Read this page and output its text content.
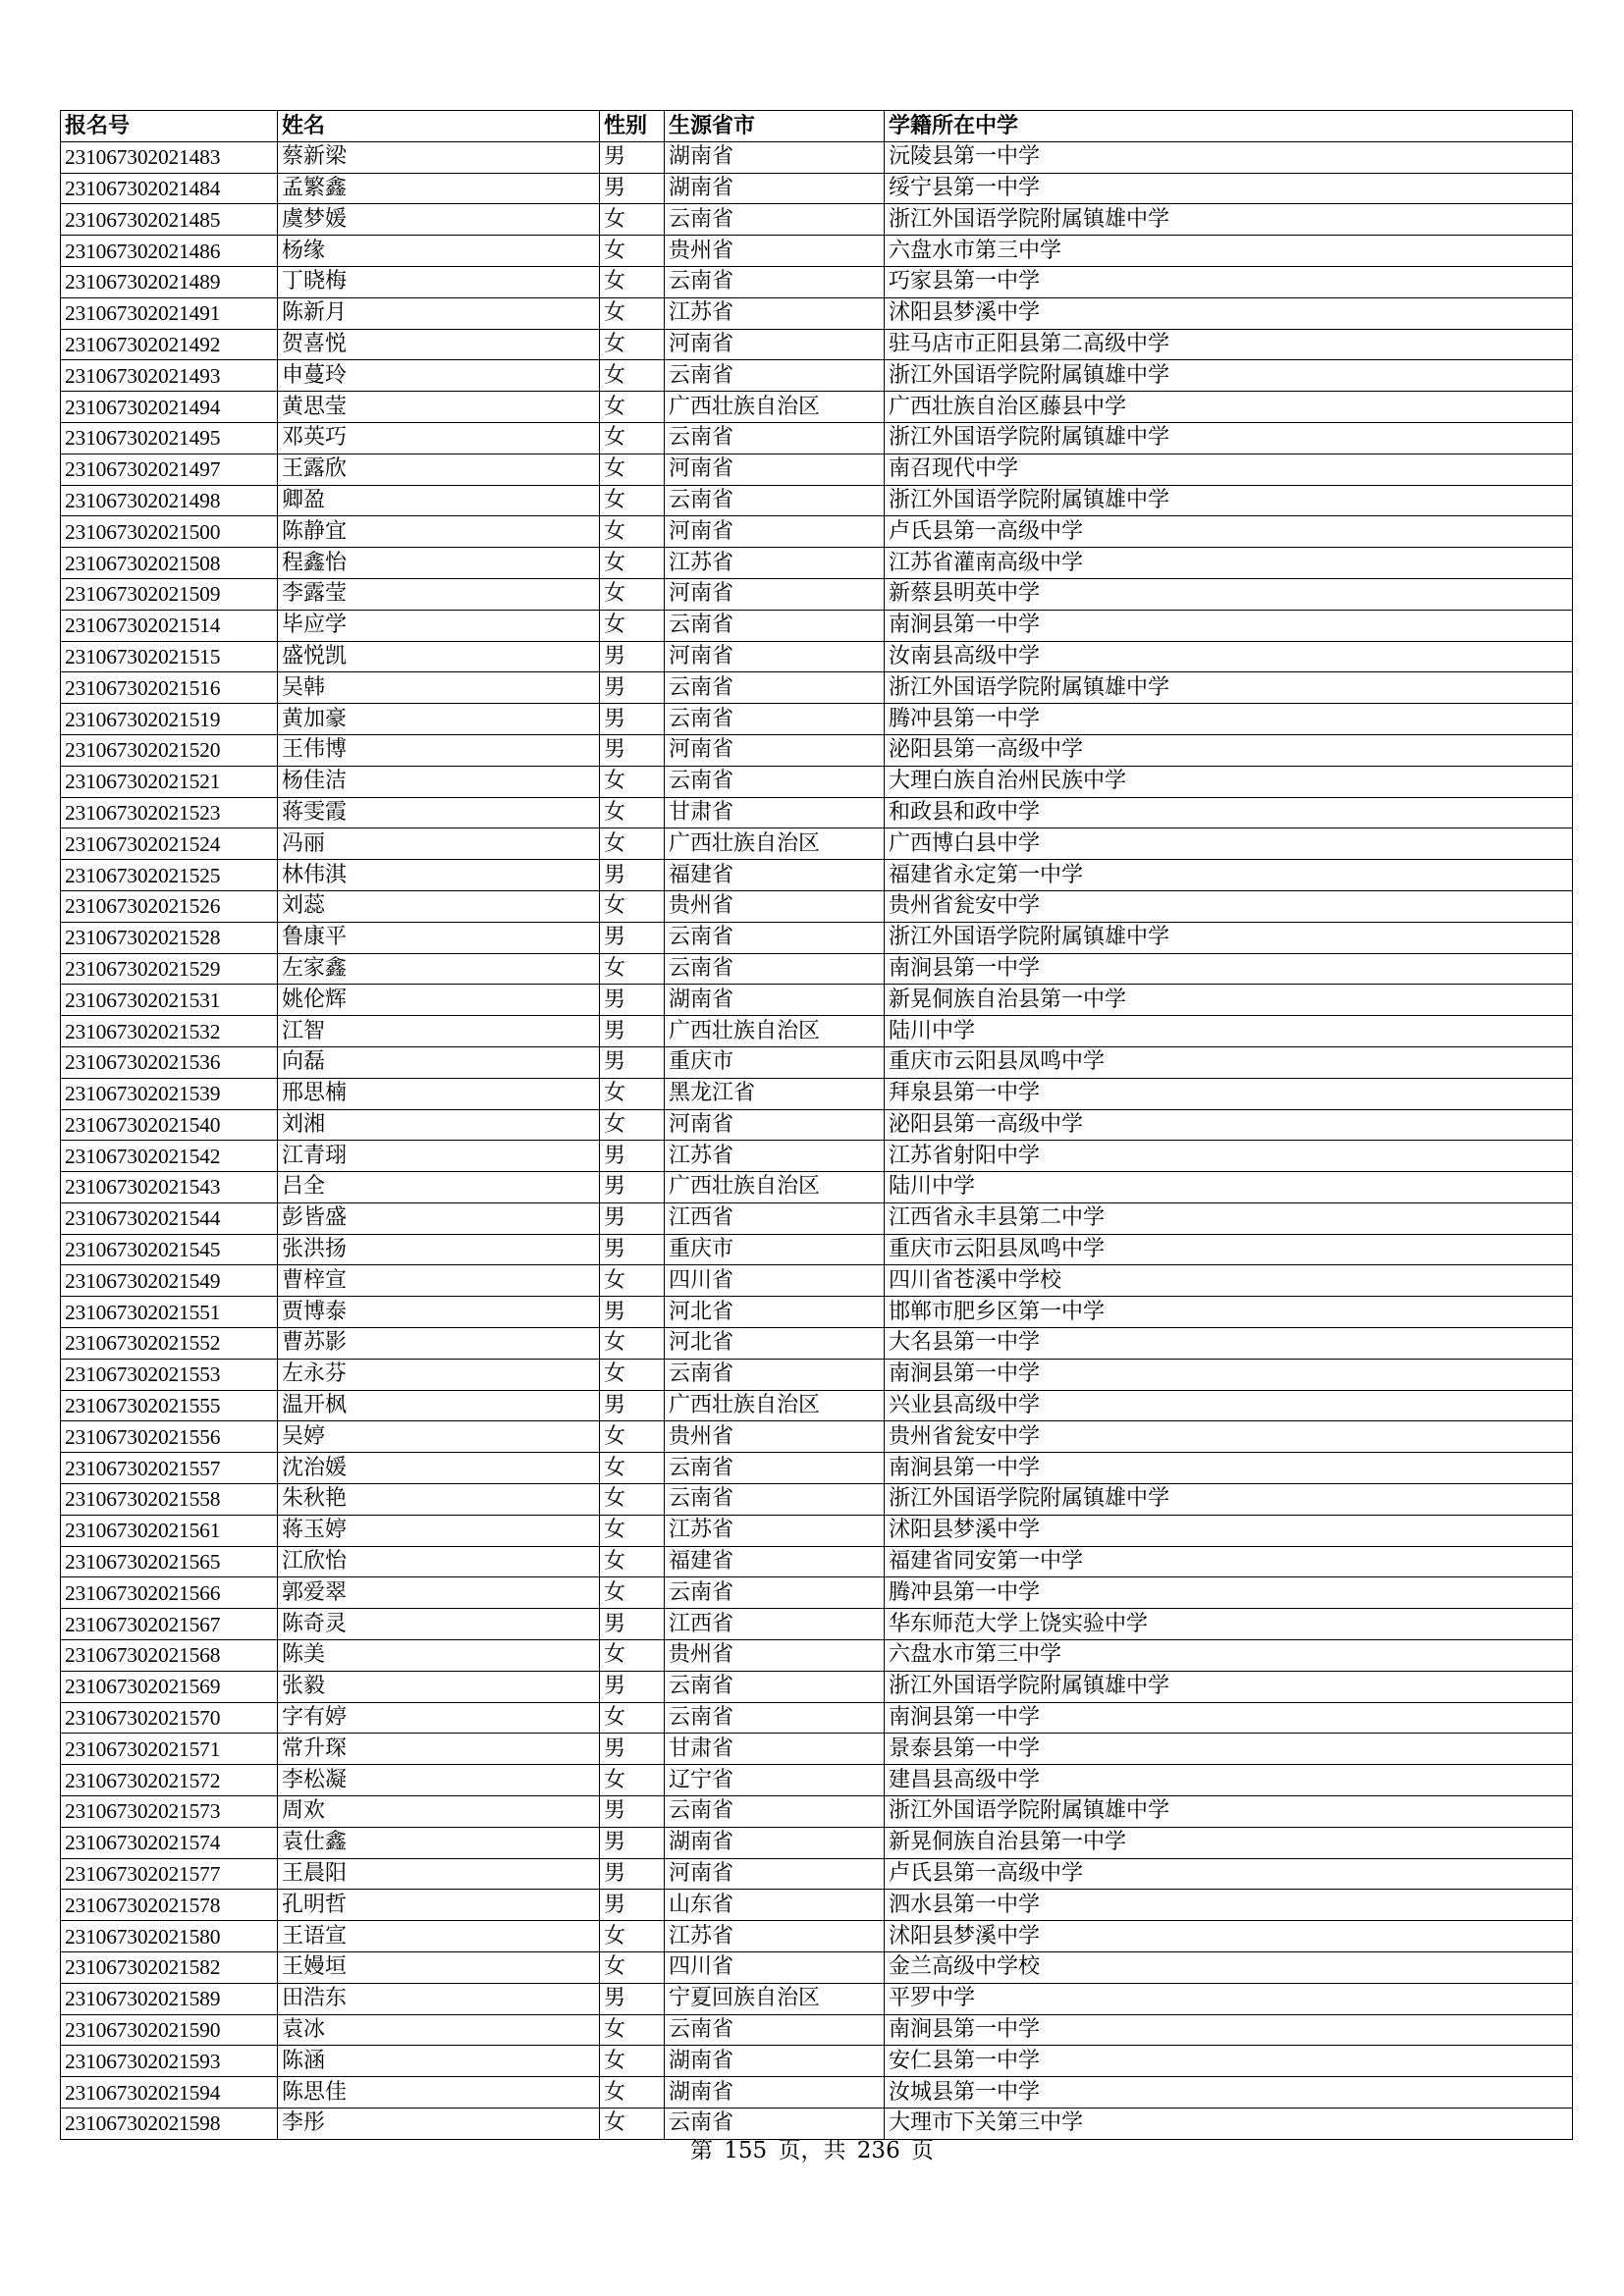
报名号	姓名	性别	生源省市	学籍所在中学
231067302021483	蔡新梁	男	湖南省	沅陵县第一中学
231067302021484	孟繁鑫	男	湖南省	绥宁县第一中学
231067302021485	虞梦媛	女	云南省	浙江外国语学院附属镇雄中学
231067302021486	杨缘	女	贵州省	六盘水市第三中学
231067302021489	丁晓梅	女	云南省	巧家县第一中学
231067302021491	陈新月	女	江苏省	沭阳县梦溪中学
231067302021492	贺喜悦	女	河南省	驻马店市正阳县第二高级中学
231067302021493	申蔓玲	女	云南省	浙江外国语学院附属镇雄中学
231067302021494	黄思莹	女	广西壮族自治区	广西壮族自治区藤县中学
231067302021495	邓英巧	女	云南省	浙江外国语学院附属镇雄中学
231067302021497	王露欣	女	河南省	南召现代中学
231067302021498	卿盈	女	云南省	浙江外国语学院附属镇雄中学
231067302021500	陈静宜	女	河南省	卢氏县第一高级中学
231067302021508	程鑫怡	女	江苏省	江苏省灌南高级中学
231067302021509	李露莹	女	河南省	新蔡县明英中学
231067302021514	毕应学	女	云南省	南涧县第一中学
231067302021515	盛悦凯	男	河南省	汝南县高级中学
231067302021516	吴韩	男	云南省	浙江外国语学院附属镇雄中学
231067302021519	黄加豪	男	云南省	腾冲县第一中学
231067302021520	王伟博	男	河南省	泌阳县第一高级中学
231067302021521	杨佳洁	女	云南省	大理白族自治州民族中学
231067302021523	蒋雯霞	女	甘肃省	和政县和政中学
231067302021524	冯丽	女	广西壮族自治区	广西博白县中学
231067302021525	林伟淇	男	福建省	福建省永定第一中学
231067302021526	刘蕊	女	贵州省	贵州省瓮安中学
231067302021528	鲁康平	男	云南省	浙江外国语学院附属镇雄中学
231067302021529	左家鑫	女	云南省	南涧县第一中学
231067302021531	姚伦辉	男	湖南省	新晃侗族自治县第一中学
231067302021532	江智	男	广西壮族自治区	陆川中学
231067302021536	向磊	男	重庆市	重庆市云阳县凤鸣中学
231067302021539	邢思楠	女	黑龙江省	拜泉县第一中学
231067302021540	刘湘	女	河南省	泌阳县第一高级中学
231067302021542	江青珝	男	江苏省	江苏省射阳中学
231067302021543	吕全	男	广西壮族自治区	陆川中学
231067302021544	彭皆盛	男	江西省	江西省永丰县第二中学
231067302021545	张洪扬	男	重庆市	重庆市云阳县凤鸣中学
231067302021549	曹梓宣	女	四川省	四川省苍溪中学校
231067302021551	贾博泰	男	河北省	邯郸市肥乡区第一中学
231067302021552	曹苏影	女	河北省	大名县第一中学
231067302021553	左永芬	女	云南省	南涧县第一中学
231067302021555	温开枫	男	广西壮族自治区	兴业县高级中学
231067302021556	吴婷	女	贵州省	贵州省瓮安中学
231067302021557	沈治媛	女	云南省	南涧县第一中学
231067302021558	朱秋艳	女	云南省	浙江外国语学院附属镇雄中学
231067302021561	蒋玉婷	女	江苏省	沭阳县梦溪中学
231067302021565	江欣怡	女	福建省	福建省同安第一中学
231067302021566	郭爱翠	女	云南省	腾冲县第一中学
231067302021567	陈奇灵	男	江西省	华东师范大学上饶实验中学
231067302021568	陈美	女	贵州省	六盘水市第三中学
231067302021569	张毅	男	云南省	浙江外国语学院附属镇雄中学
231067302021570	字有婷	女	云南省	南涧县第一中学
231067302021571	常升琛	男	甘肃省	景泰县第一中学
231067302021572	李松凝	女	辽宁省	建昌县高级中学
231067302021573	周欢	男	云南省	浙江外国语学院附属镇雄中学
231067302021574	袁仕鑫	男	湖南省	新晃侗族自治县第一中学
231067302021577	王晨阳	男	河南省	卢氏县第一高级中学
231067302021578	孔明哲	男	山东省	泗水县第一中学
231067302021580	王语宣	女	江苏省	沭阳县梦溪中学
231067302021582	王嫚垣	女	四川省	金兰高级中学校
231067302021589	田浩东	男	宁夏回族自治区	平罗中学
231067302021590	袁冰	女	云南省	南涧县第一中学
231067302021593	陈涵	女	湖南省	安仁县第一中学
231067302021594	陈思佳	女	湖南省	汝城县第一中学
231067302021598	李彤	女	云南省	大理市下关第三中学
第 155 页，共 236 页
